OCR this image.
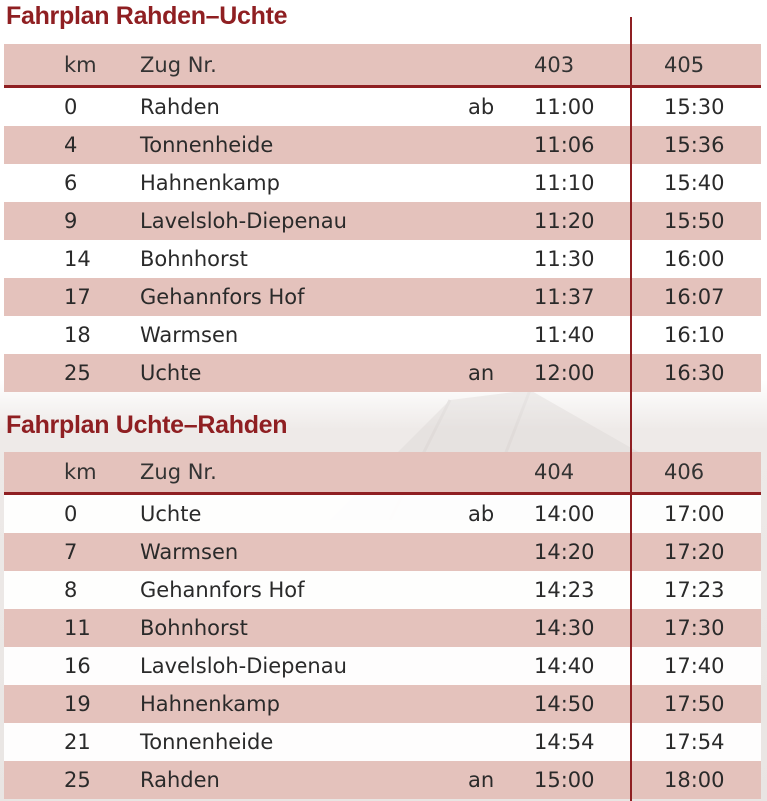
Fahrplan Rahden–Uchte
km Zug Nr.	403	405
0	Rahden	ab 11:00	15:30
4	Tonnenheide	11:06	15:36
6	Hahnenkamp	11:10	15:40
9	Lavelsloh-Diepenau	11:20	15:50
14 Bohnhorst	11:30	16:00
17 Gehannfors Hof	11:37	16:07
18 Warmsen	11:40	16:10
25 Uchte	an 12:00	16:30
Fahrplan Uchte–Rahden
km Zug Nr.	404	406
0	Uchte	ab 14:00	17:00
7	Warmsen	14:20	17:20
8	Gehannfors Hof	14:23	17:23
11 Bohnhorst	14:30	17:30
16 Lavelsloh-Diepenau	14:40	17:40
19 Hahnenkamp	14:50	17:50
21 Tonnenheide	14:54	17:54
25 Rahden	an 15:00	18:00
